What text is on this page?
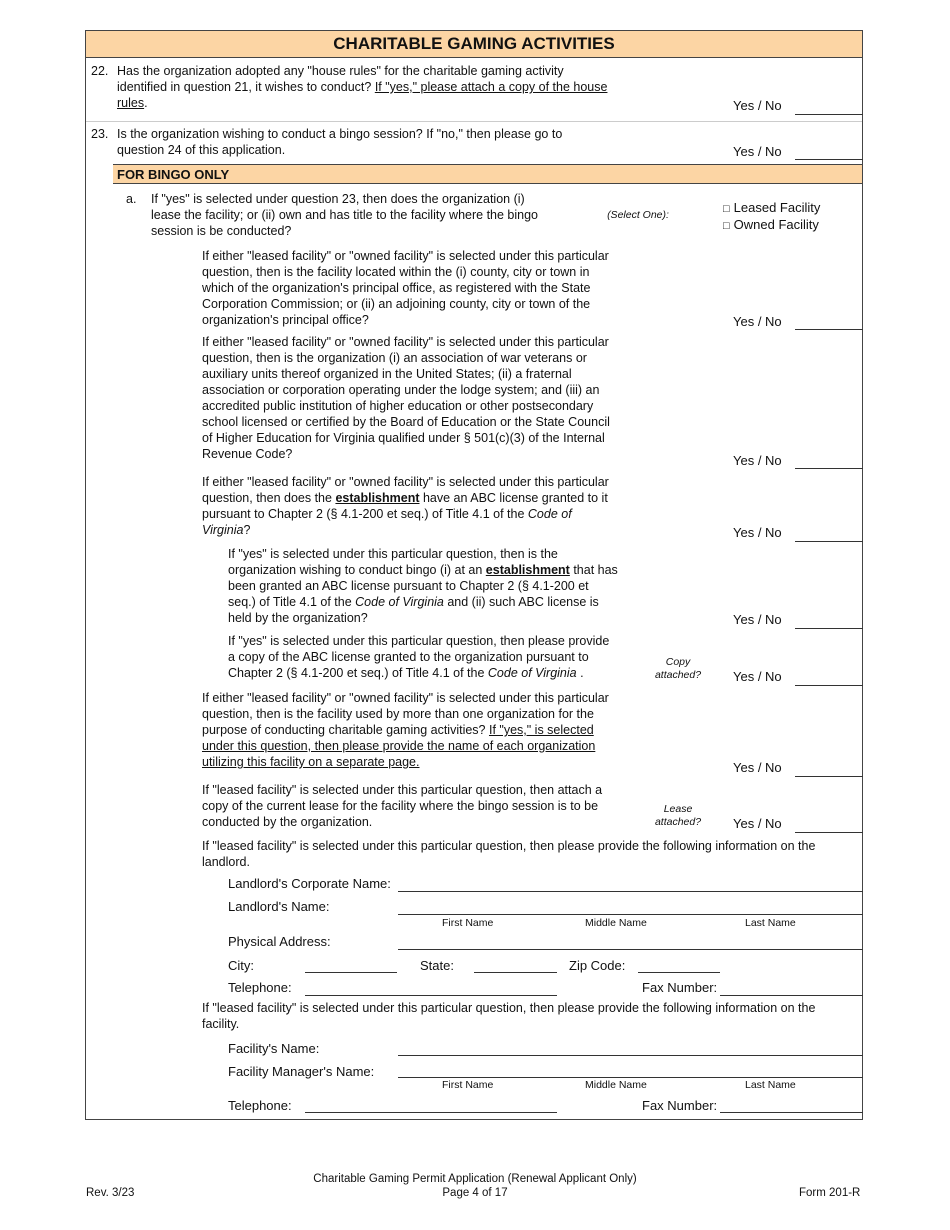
CHARITABLE GAMING ACTIVITIES
22. Has the organization adopted any "house rules" for the charitable gaming activity
identified in question 21, it wishes to conduct? If "yes," please attach a copy of the house
rules.	Yes / No
23. Is the organization wishing to conduct a bingo session? If "no," then please go to
question 24 of this application.	Yes / No
FOR BINGO ONLY
a. If "yes" is selected under question 23, then does the organization (i)
lease the facility; or (ii) own and has title to the facility where the bingo
session is be conducted?
(Select One):	□ Leased Facility
□ Owned Facility
If either "leased facility" or "owned facility" is selected under this particular
question, then is the facility located within the (i) county, city or town in
which of the organization's principal office, as registered with the State
Corporation Commission; or (ii) an adjoining county, city or town of the
organization's principal office?	Yes / No
If either "leased facility" or "owned facility" is selected under this particular
question, then is the organization (i) an association of war veterans or
auxiliary units thereof organized in the United States; (ii) a fraternal
association or corporation operating under the lodge system; and (iii) an
accredited public institution of higher education or other postsecondary
school licensed or certified by the Board of Education or the State Council
of Higher Education for Virginia qualified under § 501(c)(3) of the Internal
Revenue Code?	Yes / No
If either "leased facility" or "owned facility" is selected under this particular
question, then does the establishment have an ABC license granted to it
pursuant to Chapter 2 (§ 4.1-200 et seq.) of Title 4.1 of the Code of
Virginia?	Yes / No
If "yes" is selected under this particular question, then is the
organization wishing to conduct bingo (i) at an establishment that has
been granted an ABC license pursuant to Chapter 2 (§ 4.1-200 et
seq.) of Title 4.1 of the Code of Virginia and (ii) such ABC license is
held by the organization?	Yes / No
If "yes" is selected under this particular question, then please provide
a copy of the ABC license granted to the organization pursuant to
Chapter 2 (§ 4.1-200 et seq.) of Title 4.1 of the Code of Virginia .
Copy
attached?	Yes / No
If either "leased facility" or "owned facility" is selected under this particular
question, then is the facility used by more than one organization for the
purpose of conducting charitable gaming activities? If "yes," is selected
under this question, then please provide the name of each organization
utilizing this facility on a separate page.	Yes / No
If "leased facility" is selected under this particular question, then attach a
copy of the current lease for the facility where the bingo session is to be
conducted by the organization.
Lease
attached?	Yes / No
If "leased facility" is selected under this particular question, then please provide the following information on the
landlord.
Landlord's Corporate Name:
Landlord's Name:
First Name	Middle Name	Last Name
Physical Address:
City:	State:	Zip Code:
Telephone:	Fax Number:
If "leased facility" is selected under this particular question, then please provide the following information on the
facility.
Facility's Name:
Facility Manager's Name:
First Name	Middle Name	Last Name
Telephone:	Fax Number:
Rev. 3/23
Charitable Gaming Permit Application (Renewal Applicant Only)
Page 4 of 17	Form 201-R
